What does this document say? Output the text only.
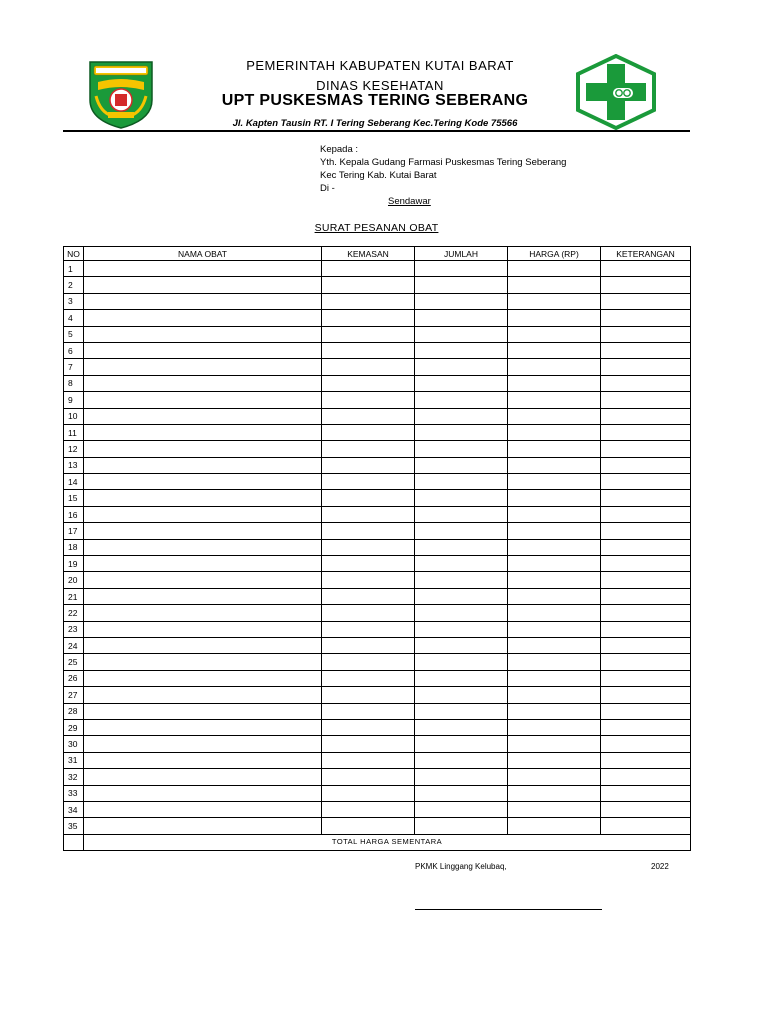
PEMERINTAH KABUPATEN KUTAI BARAT
DINAS KESEHATAN
UPT PUSKESMAS TERING SEBERANG
Jl. Kapten Tausin RT. I Tering Seberang Kec.Tering Kode 75566
Kepada :
Yth. Kepala Gudang Farmasi Puskesmas Tering Seberang
Kec Tering Kab. Kutai Barat
Di -
Sendawar
SURAT PESANAN OBAT
NO	NAMA OBAT	KEMASAN	JUMLAH	HARGA (RP)	KETERANGAN
1					
2					
3					
4					
5					
6					
7					
8					
9					
10					
11					
12					
13					
14					
15					
16					
17					
18					
19					
20					
21					
22					
23					
24					
25					
26					
27					
28					
29					
30					
31					
32					
33					
34					
35					
	TOTAL HARGA SEMENTARA				
PKMK Linggang Kelubaq,	2022
